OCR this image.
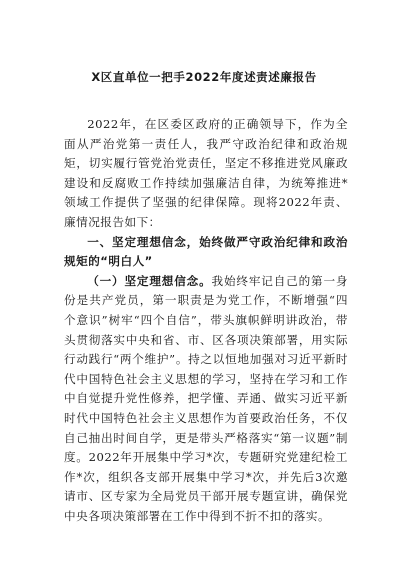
X区直单位一把手2022年度述责述廉报告

2022年，在区委区政府的正确领导下，作为全面从严治党第一责任人，我严守政治纪律和政治规矩，切实履行管党治党责任，坚定不移推进党风廉政建设和反腐败工作持续加强廉洁自律，为统筹推进*领域工作提供了坚强的纪律保障。现将2022年责、廉情况报告如下：

一、坚定理想信念，始终做严守政治纪律和政治规矩的“明白人”

（一）坚定理想信念。我始终牢记自己的第一身份是共产党员，第一职责是为党工作，不断增强“四个意识”树牢“四个自信”，带头旗帜鲜明讲政治，带头贯彻落实中央和省、市、区各项决策部署，用实际行动践行“两个维护”。持之以恒地加强对习近平新时代中国特色社会主义思想的学习，坚持在学习和工作中自觉提升党性修养，把学懂、弄通、做实习近平新时代中国特色社会主义思想作为首要政治任务，不仅自己抽出时间自学，更是带头严格落实“第一议题”制度。2022年开展集中学习*次，专题研究党建纪检工作*次，组织各支部开展集中学习*次，并先后3次邀请市、区专家为全局党员干部开展专题宣讲，确保党中央各项决策部署在工作中得到不折不扣的落实。
